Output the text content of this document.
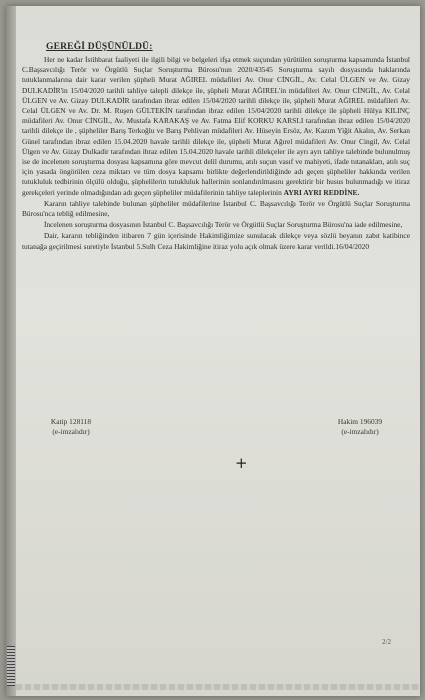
GEREĞİ DÜŞÜNÜLDÜ:

Her ne kadar İstihbarat faaliyeti ile ilgili bilgi ve belgeleri ifşa etmek suçundan yürütülen soruşturma kapsamında İstanbul C.Başsavcılığı Terör ve Örgütlü Suçlar Soruşturma Bürosu'nun 2020/43545 Soruşturma sayılı dosyasında haklarında tutuklanmalarına dair karar verilen şüpheli Murat AĞIREL müdafileri Av. Onur CİNGİL, Av. Celal ÜLGEN ve Av. Gizay DULKADİR'in 15/04/2020 tarihli tahliye talepli dilekçe ile, şüpheli Murat AĞIREL'in müdafileri Av. Onur CİNGİL, Av. Celal ÜLGEN ve Av. Gizay DULKADİR tarafından ibraz edilen 15/04/2020 tarihli dilekçe ile, şüpheli Murat AĞIREL müdafileri Av. Celal ÜLGEN ve Av. Dr. M. Ruşen GÜLTEKİN tarafından ibraz edilen 15/04/2020 tarihli dilekçe ile şüpheli Hülya KILINÇ müdafileri Av. Onur CİNGİL, Av. Mustafa KARAKAŞ ve Av. Fatma Elif KORKU KARSLI tarafından ibraz edilen 15/04/2020 tarihli dilekçe ile , şüpheliler Barış Terkoğlu ve Barış Pehlivan müdafileri Av. Hüseyin Ersöz, Av. Kazım Yiğit Akalın, Av. Serkan Günel tarafından ibraz edilen 15.04.2020 havale tarihli dilekçe ile, şüpheli Murat Ağırel müdafileri Av. Onur Cingil, Av. Celal Ülgen ve Av. Gizay Dulkadir tarafından ibraz edilen 15.04.2020 havale tarihli dilekçeler ile ayrı ayrı tahliye talebinde bulunulmuş ise de incelenen soruşturma dosyası kapsamına göre mevcut delil durumu, atılı suçun vasıf ve mahiyeti, ifade tutanakları, atılı suç için yasada öngörülen ceza miktarı ve tüm dosya kapsamı birlikte değerlendirildiğinde adı geçen şüpheliler hakkında verilen tutukluluk tedbirinin ölçülü olduğu, şüphelilerin tutukluluk hallerinin sonlandırılmasını gerektirir bir husus bulunmadığı ve itiraz gerekçeleri yerinde olmadığından adı geçen şüpheliler müdafilerinin tahliye taleplerinin AYRI AYRI REDDİNE.

Kararın tahliye talebinde bulunan şüpheliler müdafilerine İstanbul C. Başsavcılığı Terör ve Örgütlü Suçlar Soruşturma Bürosu'nca tebliğ edilmesine,

İncelenen soruşturma dosyasının İstanbul C. Başsavcılığı Terör ve Örgütlü Suçlar Soruşturma Bürosu'na iade edilmesine,

Dair, kararın tebliğinden itibaren 7 gün içerisinde Hakimliğimize sunulacak dilekçe veya sözlü beyanın zabıt katibince tutanağa geçirilmesi suretiyle İstanbul 5.Sulh Ceza Hakimliğine itiraz yolu açık olmak üzere karar verildi.16/04/2020

Katip 128118
(e-imzalıdır)
Hakim 196039
(e-imzalıdır)
+
2/2
